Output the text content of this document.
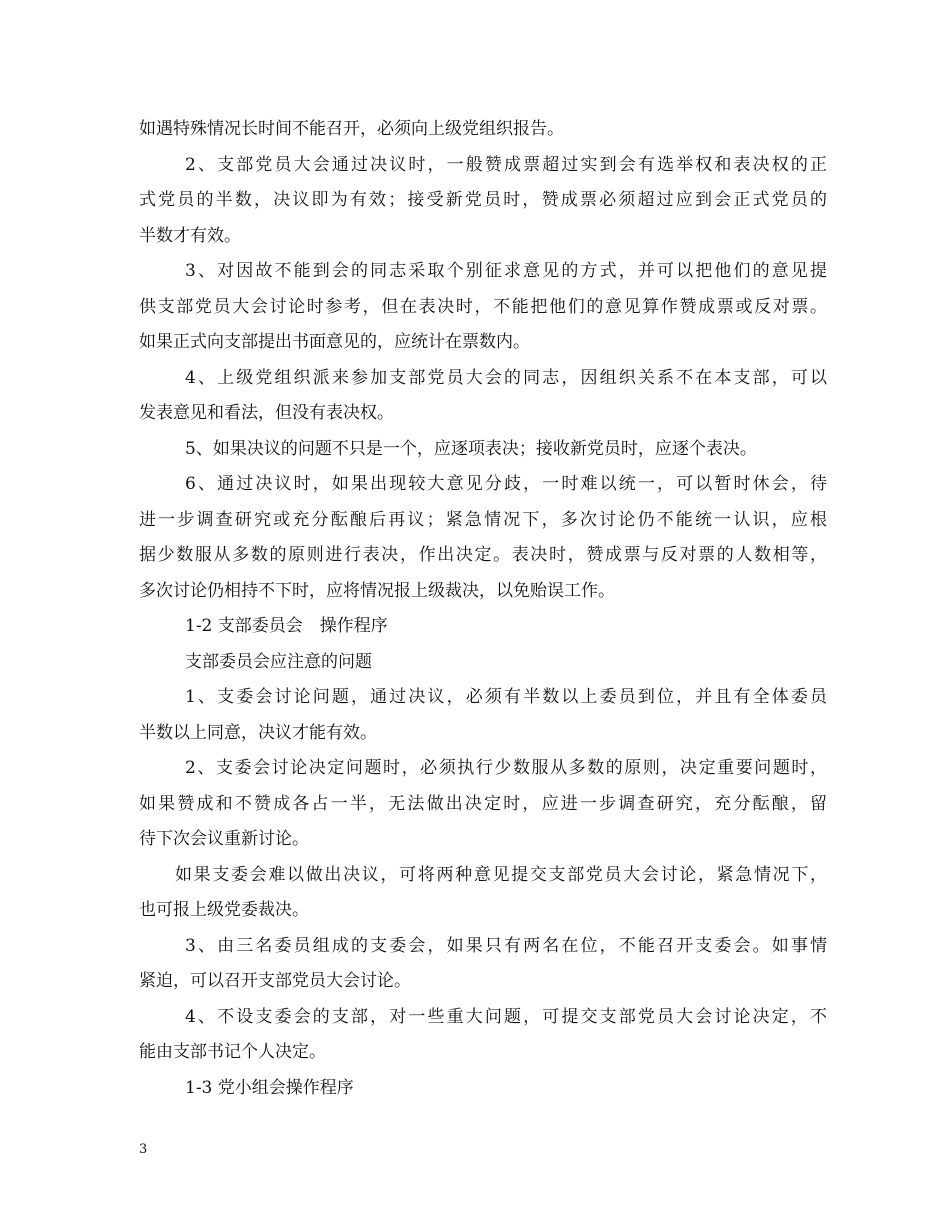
如遇特殊情况长时间不能召开，必须向上级党组织报告。
2、支部党员大会通过决议时，一般赞成票超过实到会有选举权和表决权的正
式党员的半数，决议即为有效；接受新党员时，赞成票必须超过应到会正式党员的
半数才有效。
3、对因故不能到会的同志采取个别征求意见的方式，并可以把他们的意见提
供支部党员大会讨论时参考，但在表决时，不能把他们的意见算作赞成票或反对票。
如果正式向支部提出书面意见的，应统计在票数内。
4、上级党组织派来参加支部党员大会的同志，因组织关系不在本支部，可以
发表意见和看法，但没有表决权。
5、如果决议的问题不只是一个，应逐项表决；接收新党员时，应逐个表决。
6、通过决议时，如果出现较大意见分歧，一时难以统一，可以暂时休会，待
进一步调查研究或充分酝酿后再议；紧急情况下，多次讨论仍不能统一认识，应根
据少数服从多数的原则进行表决，作出决定。表决时，赞成票与反对票的人数相等，
多次讨论仍相持不下时，应将情况报上级裁决，以免贻误工作。
1-2 支部委员会　操作程序
支部委员会应注意的问题
1、支委会讨论问题，通过决议，必须有半数以上委员到位，并且有全体委员
半数以上同意，决议才能有效。
2、支委会讨论决定问题时，必须执行少数服从多数的原则，决定重要问题时，
如果赞成和不赞成各占一半，无法做出决定时，应进一步调查研究，充分酝酿，留
待下次会议重新讨论。
如果支委会难以做出决议，可将两种意见提交支部党员大会讨论，紧急情况下，
也可报上级党委裁决。
3、由三名委员组成的支委会，如果只有两名在位，不能召开支委会。如事情
紧迫，可以召开支部党员大会讨论。
4、不设支委会的支部，对一些重大问题，可提交支部党员大会讨论决定，不
能由支部书记个人决定。
1-3 党小组会操作程序
3
